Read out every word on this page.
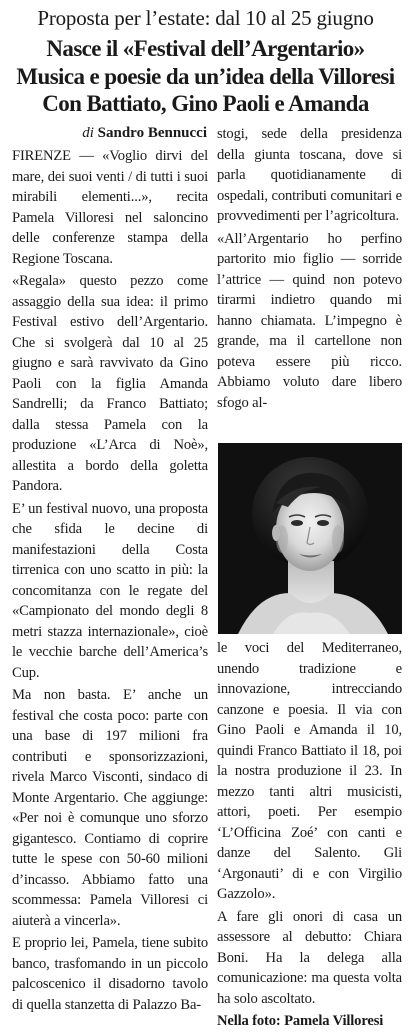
Proposta per l’estate: dal 10 al 25 giugno
Nasce il «Festival dell’Argentario»
Musica e poesie da un’idea della Villoresi
Con Battiato, Gino Paoli e Amanda
di Sandro Bennucci

FIRENZE — «Voglio dirvi del mare, dei suoi venti / di tutti i suoi mirabili elementi...», recita Pamela Villoresi nel saloncino delle conferenze stampa della Regione Toscana.

«Regala» questo pezzo come assaggio della sua idea: il primo Festival estivo dell’Argentario. Che si svolgerà dal 10 al 25 giugno e sarà ravvivato da Gino Paoli con la figlia Amanda Sandrelli; da Franco Battiato; dalla stessa Pamela con la produzione «L’Arca di Noè», allestita a bordo della goletta Pandora.

E’ un festival nuovo, una proposta che sfida le decine di manifestazioni della Costa tirrenica con uno scatto in più: la concomitanza con le regate del «Campionato del mondo degli 8 metri stazza internazionale», cioè le vecchie barche dell’America’s Cup.

Ma non basta. E’ anche un festival che costa poco: parte con una base di 197 milioni fra contributi e sponsorizzazioni, rivela Marco Visconti, sindaco di Monte Argentario. Che aggiunge: «Per noi è comunque uno sforzo gigantesco. Contiamo di coprire tutte le spese con 50-60 milioni d’incasso. Abbiamo fatto una scommessa: Pamela Villoresi ci aiuterà a vincerla».

E proprio lei, Pamela, tiene subito banco, trasfomando in un piccolo palcoscenico il disadorno tavolo di quella stanzetta di Palazzo Ba-

stogi, sede della presidenza della giunta toscana, dove si parla quotidianamente di ospedali, contributi comunitari e provvedimenti per l’agricoltura.

«All’Argentario ho perfino partorito mio figlio — sorride l’attrice — quind non potevo tirarmi indietro quando mi hanno chiamata. L’impegno è grande, ma il cartellone non poteva essere più ricco. Abbiamo voluto dare libero sfogo al-

le voci del Mediterraneo, unendo tradizione e innovazione, intrecciando canzone e poesia. Il via con Gino Paoli e Amanda il 10, quindi Franco Battiato il 18, poi la nostra produzione il 23. In mezzo tanti altri musicisti, attori, poeti. Per esempio ‘L’Officina Zoé’ con canti e danze del Salento. Gli ‘Argonauti’ di e con Virgilio Gazzolo».

A fare gli onori di casa un assessore al debutto: Chiara Boni. Ha la delega alla comunicazione: ma questa volta ha solo ascoltato.

Nella foto: Pamela Villoresi
